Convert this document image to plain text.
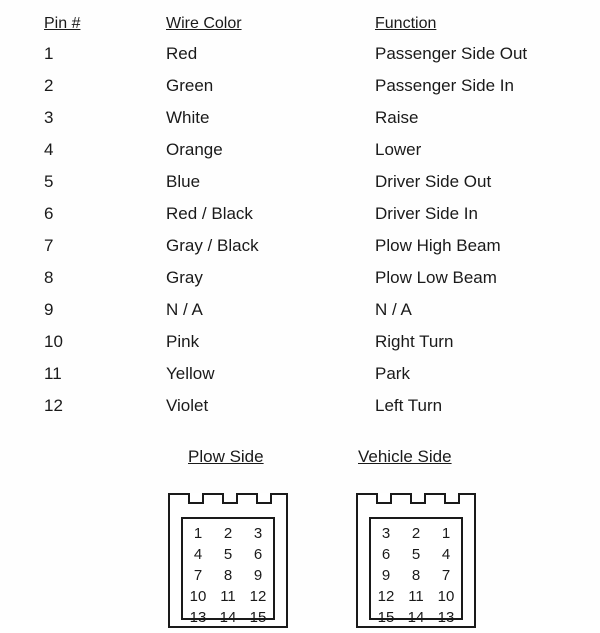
Pin #	Wire Color	Function
1	Red	Passenger Side Out
2	Green	Passenger Side In
3	White	Raise
4	Orange	Lower
5	Blue	Driver Side Out
6	Red / Black	Driver Side In
7	Gray / Black	Plow High Beam
8	Gray	Plow Low Beam
9	N / A	N / A
10	Pink	Right Turn
11	Yellow	Park
12	Violet	Left Turn
Plow Side	Vehicle Side
1 2 3
4 5 6
7 8 9
10 11 12
13 14 15
3 2 1
6 5 4
9 8 7
12 11 10
15 14 13
